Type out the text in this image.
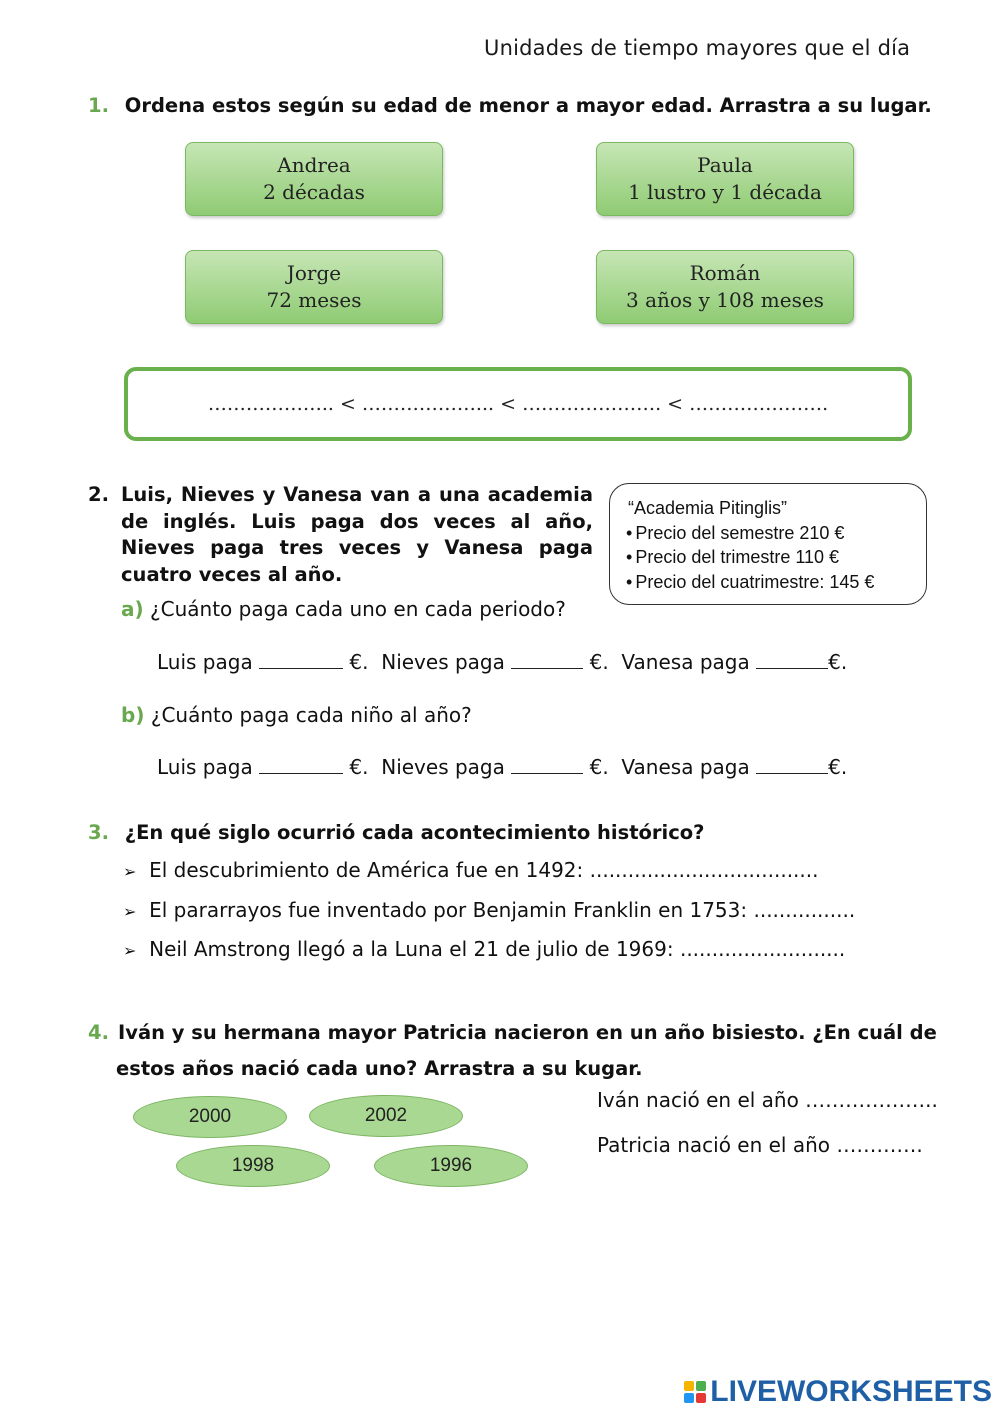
Unidades de tiempo mayores que el día
1. Ordena estos según su edad de menor a mayor edad. Arrastra a su lugar.
Andrea
2 décadas
Paula
1 lustro y 1 década
Jorge
72 meses
Román
3 años y 108 meses
……………….. < ………………... < …………………. < ………………….
2. Luis, Nieves y Vanesa van a una academia de inglés. Luis paga dos veces al año, Nieves paga tres veces y Vanesa paga cuatro veces al año.
“Academia Pitinglis”
• Precio del semestre 210 €
• Precio del trimestre 110 €
• Precio del cuatrimestre: 145 €
a) ¿Cuánto paga cada uno en cada periodo?
Luis paga	€. Nieves paga	€. Vanesa paga	€.
b) ¿Cuánto paga cada niño al año?
Luis paga	€. Nieves paga	€. Vanesa paga	€.
3. ¿En qué siglo ocurrió cada acontecimiento histórico?
➢ El descubrimiento de América fue en 1492: ....................................
➢ El pararrayos fue inventado por Benjamin Franklin en 1753: ................
➢ Neil Amstrong llegó a la Luna el 21 de julio de 1969: ..........................
4. Iván y su hermana mayor Patricia nacieron en un año bisiesto. ¿En cuál de
estos años nació cada uno? Arrastra a su kugar.
2000	2002
1998	1996
Iván nació en el año ………………..
Patricia nació en el año ………….
LIVEWORKSHEETS
